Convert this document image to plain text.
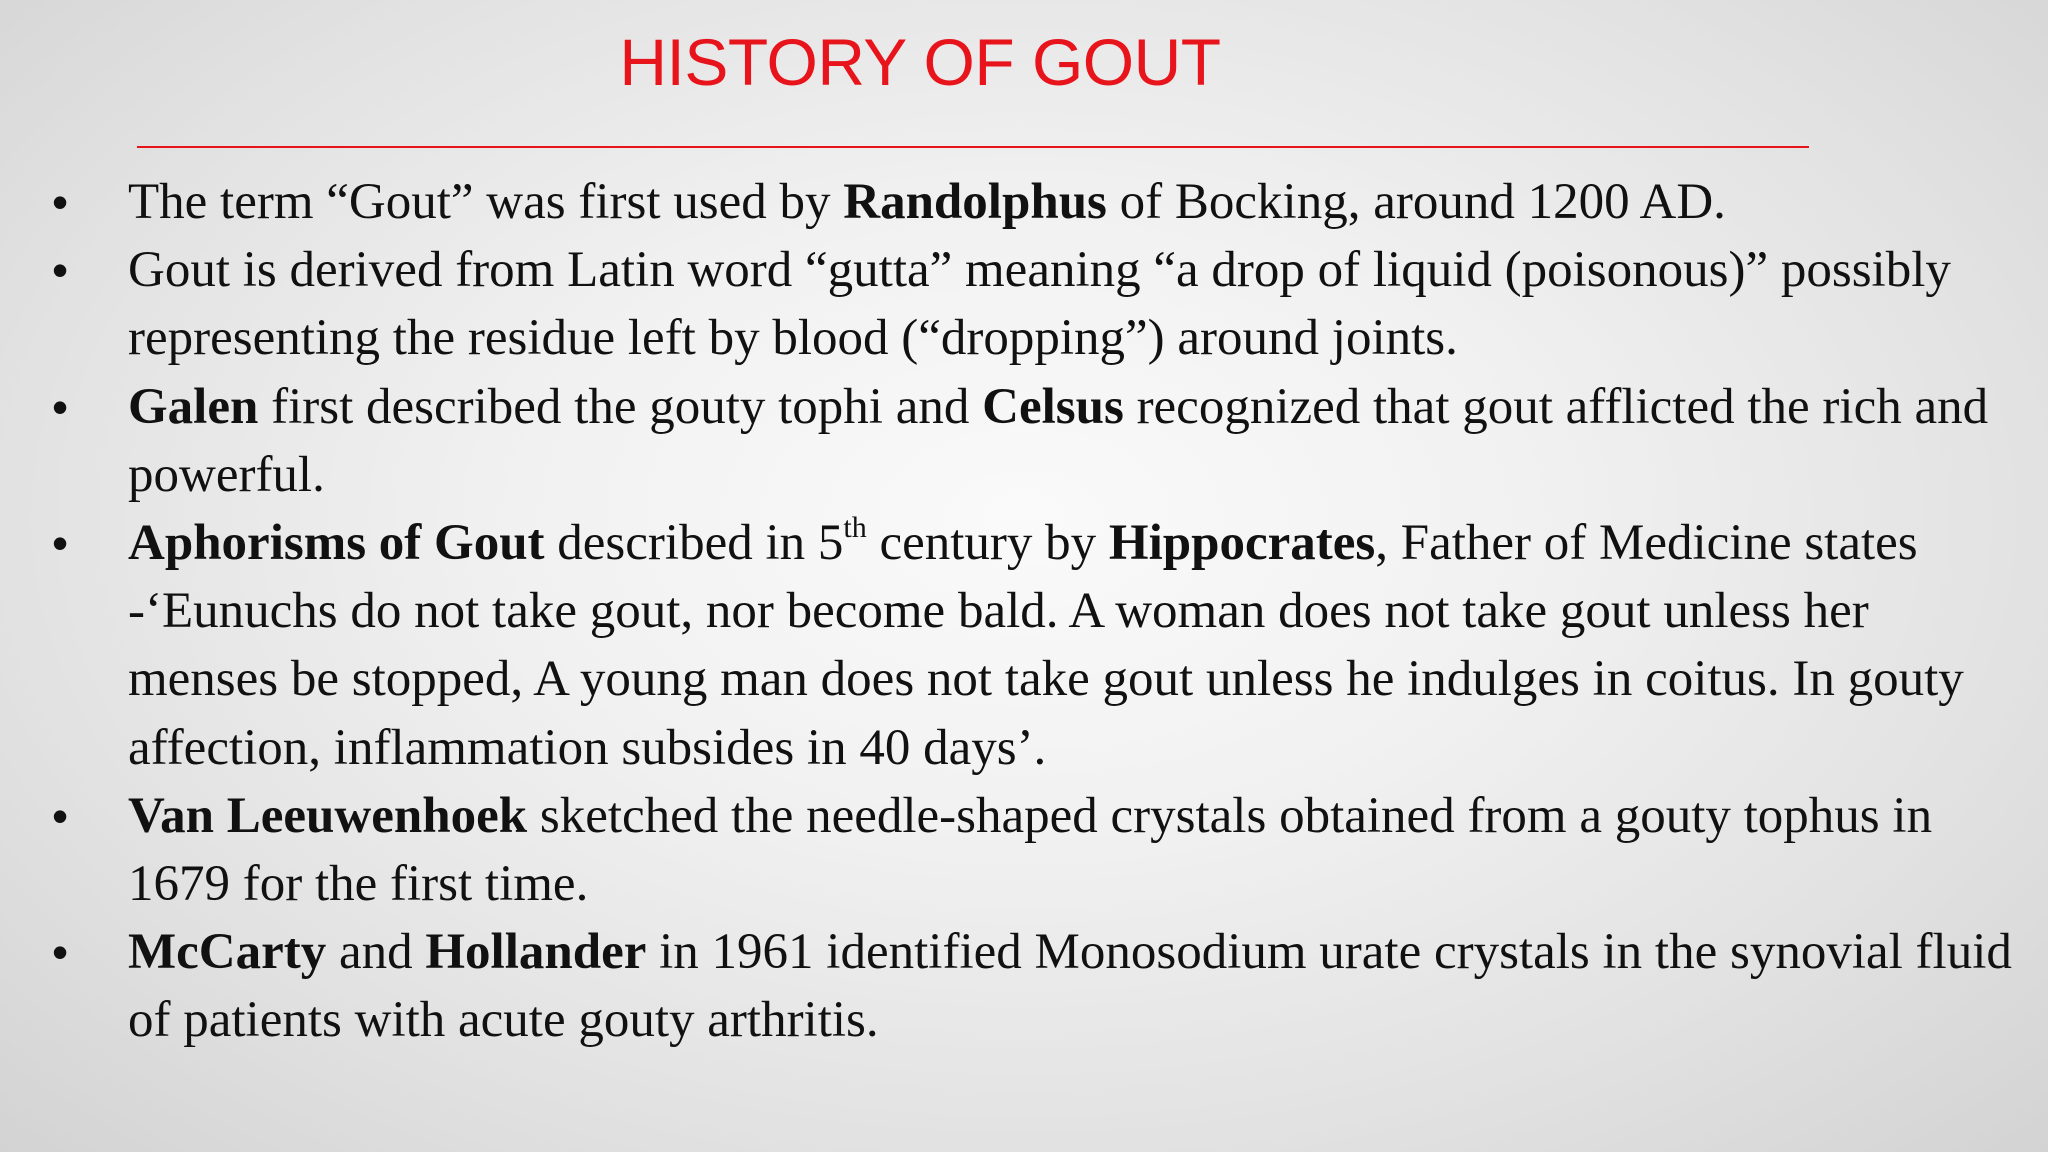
HISTORY OF GOUT
• The term “Gout” was first used by Randolphus of Bocking, around 1200 AD.
• Gout is derived from Latin word “gutta” meaning “a drop of liquid (poisonous)” possibly representing the residue left by blood (“dropping”) around joints.
• Galen first described the gouty tophi and Celsus recognized that gout afflicted the rich and powerful.
• Aphorisms of Gout described in 5th century by Hippocrates, Father of Medicine states -‘Eunuchs do not take gout, nor become bald. A woman does not take gout unless her menses be stopped, A young man does not take gout unless he indulges in coitus. In gouty affection, inflammation subsides in 40 days’.
• Van Leeuwenhoek sketched the needle-shaped crystals obtained from a gouty tophus in 1679 for the first time.
• McCarty and Hollander in 1961 identified Monosodium urate crystals in the synovial fluid of patients with acute gouty arthritis.
